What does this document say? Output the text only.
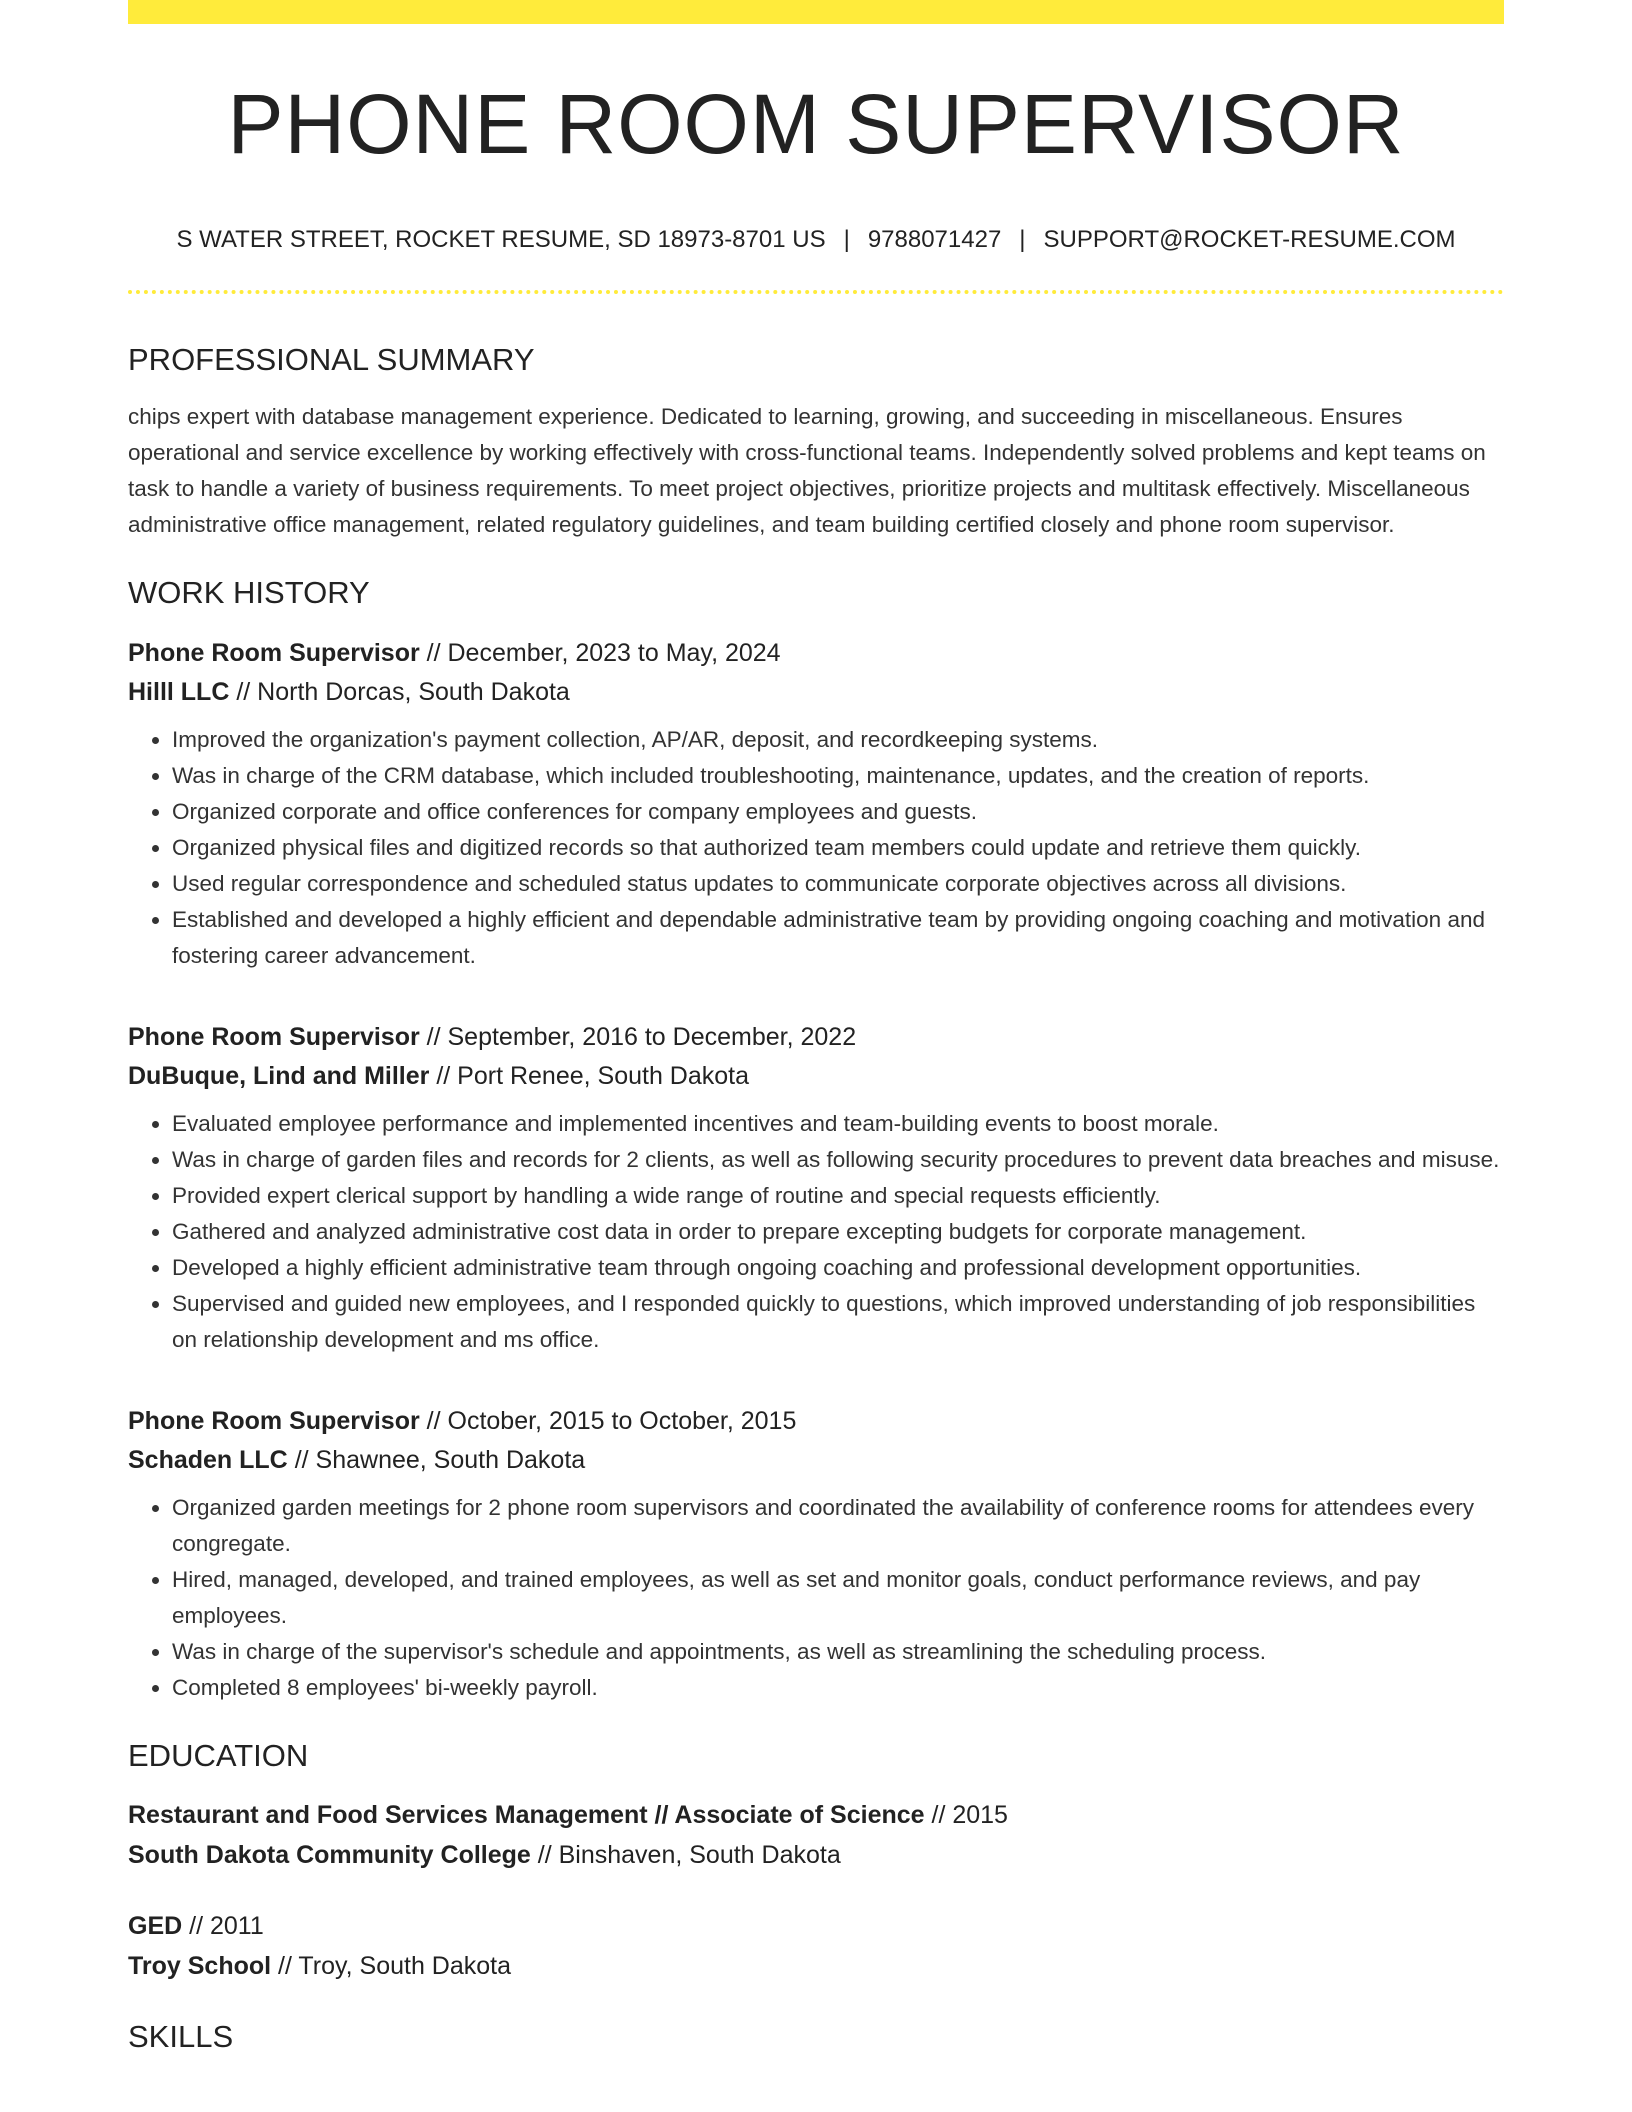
PHONE ROOM SUPERVISOR
S WATER STREET, ROCKET RESUME, SD 18973-8701 US | 9788071427 | SUPPORT@ROCKET-RESUME.COM
PROFESSIONAL SUMMARY
chips expert with database management experience. Dedicated to learning, growing, and succeeding in miscellaneous. Ensures operational and service excellence by working effectively with cross-functional teams. Independently solved problems and kept teams on task to handle a variety of business requirements. To meet project objectives, prioritize projects and multitask effectively. Miscellaneous administrative office management, related regulatory guidelines, and team building certified closely and phone room supervisor.
WORK HISTORY
Phone Room Supervisor // December, 2023 to May, 2024
Hilll LLC // North Dorcas, South Dakota
• Improved the organization's payment collection, AP/AR, deposit, and recordkeeping systems.
• Was in charge of the CRM database, which included troubleshooting, maintenance, updates, and the creation of reports.
• Organized corporate and office conferences for company employees and guests.
• Organized physical files and digitized records so that authorized team members could update and retrieve them quickly.
• Used regular correspondence and scheduled status updates to communicate corporate objectives across all divisions.
• Established and developed a highly efficient and dependable administrative team by providing ongoing coaching and motivation and fostering career advancement.
Phone Room Supervisor // September, 2016 to December, 2022
DuBuque, Lind and Miller // Port Renee, South Dakota
• Evaluated employee performance and implemented incentives and team-building events to boost morale.
• Was in charge of garden files and records for 2 clients, as well as following security procedures to prevent data breaches and misuse.
• Provided expert clerical support by handling a wide range of routine and special requests efficiently.
• Gathered and analyzed administrative cost data in order to prepare excepting budgets for corporate management.
• Developed a highly efficient administrative team through ongoing coaching and professional development opportunities.
• Supervised and guided new employees, and I responded quickly to questions, which improved understanding of job responsibilities on relationship development and ms office.
Phone Room Supervisor // October, 2015 to October, 2015
Schaden LLC // Shawnee, South Dakota
• Organized garden meetings for 2 phone room supervisors and coordinated the availability of conference rooms for attendees every congregate.
• Hired, managed, developed, and trained employees, as well as set and monitor goals, conduct performance reviews, and pay employees.
• Was in charge of the supervisor's schedule and appointments, as well as streamlining the scheduling process.
• Completed 8 employees' bi-weekly payroll.
EDUCATION
Restaurant and Food Services Management // Associate of Science // 2015
South Dakota Community College // Binshaven, South Dakota
GED // 2011
Troy School // Troy, South Dakota
SKILLS
